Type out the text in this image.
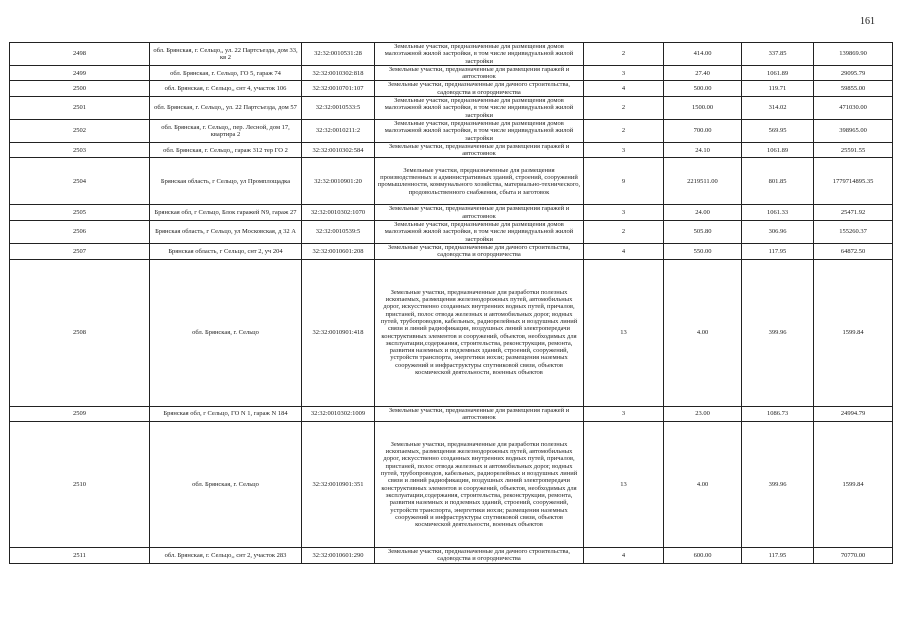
161
2498	обл. Брянская, г. Сельцо,, ул. 22 Партсъезда, дом 33, кв 2	32:32:0010531:28	Земельные участки, предназначенные для размещения домов малоэтажной жилой застройки, в том числе индивидуальной жилой застройки	2	414.00	337.85	139869.90
2499	обл. Брянская, г. Сельцо, ГО 5, гараж 74	32:32:0010302:818	Земельные участки, предназначенные для размещения гаражей и автостоянок	3	27.40	1061.89	29095.79
2500	обл. Брянская, г. Сельцо,, снт 4, участок 106	32:32:0010701:107	Земельные участки, предназначенные для дачного строительства, садоводства и огородничества	4	500.00	119.71	59855.00
2501	обл. Брянская, г. Сельцо,, ул. 22 Партсъезда, дом 57	32:32:0010533:5	Земельные участки, предназначенные для размещения домов малоэтажной жилой застройки, в том числе индивидуальной жилой застройки	2	1500.00	314.02	471030.00
2502	обл. Брянская, г. Сельцо,, пер. Лесной, дом 17, квартира 2	32:32:0010211:2	Земельные участки, предназначенные для размещения домов малоэтажной жилой застройки, в том числе индивидуальной жилой застройки	2	700.00	569.95	398965.00
2503	обл. Брянская, г. Сельцо,, гараж 312 тер ГО 2	32:32:0010302:584	Земельные участки, предназначенные для размещения гаражей и автостоянок	3	24.10	1061.89	25591.55
2504	Брянская область, г Сельцо, ул Промплощадка	32:32:0010901:20	Земельные участки, предназначенные для размещения производственных и административных зданий, строений, сооружений промышленности, коммунального хозяйства, материально-технического, продовольственного снабжения, сбыта и заготовок	9	2219511.00	801.85	1779714895.35
2505	Брянская обл, г Сельцо, Блок гаражей N9, гараж 27	32:32:0010302:1070	Земельные участки, предназначенные для размещения гаражей и автостоянок	3	24.00	1061.33	25471.92
2506	Брянская область, г Сельцо, ул Московская, д 32 А	32:32:0010539:5	Земельные участки, предназначенные для размещения домов малоэтажной жилой застройки, в том числе индивидуальной жилой застройки	2	505.80	306.96	155260.37
2507	Брянская область, г Сельцо, снт 2, уч 204	32:32:0010601:208	Земельные участки, предназначенные для дачного строительства, садоводства и огородничества	4	550.00	117.95	64872.50
2508	обл. Брянская, г. Сельцо	32:32:0010901:418	Земельные участки, предназначенные для разработки полезных ископаемых, размещения железнодорожных путей, автомобильных дорог, искусственно созданных внутренних водных путей, причалов, пристаней, полос отвода железных и автомобильных дорог, водных путей, трубопроводов, кабельных, радиорелейных и воздушных линий связи и линий радиофикации, воздушных линий электропередачи конструктивных элементов и сооружений, объектов, необходимых для эксплуатации,содержания, строительства, реконструкции, ремонта, развития наземных и подземных зданий, строений, сооружений, устройств транспорта, энергетики иохзи; размещения наземных сооружений и инфраструктуры спутниковой связи, объектов космической деятельности, военных объектов	13	4.00	399.96	1599.84
2509	Брянская обл, г Сельцо, ГО N 1, гараж N 184	32:32:0010302:1009	Земельные участки, предназначенные для размещения гаражей и автостоянок	3	23.00	1086.73	24994.79
2510	обл. Брянская, г. Сельцо	32:32:0010901:351	Земельные участки, предназначенные для разработки полезных ископаемых, размещения железнодорожных путей, автомобильных дорог, искусственно созданных внутренних водных путей, причалов, пристаней, полос отвода железных и автомобильных дорог, водных путей, трубопроводов, кабельных, радиорелейных и воздушных линий связи и линий радиофикации, воздушных линий электропередачи конструктивных элементов и сооружений, объектов, необходимых для эксплуатации,содержания, строительства, реконструкции, ремонта, развития наземных и подземных зданий, строений, сооружений, устройств транспорта, энергетики иохзи; размещения наземных сооружений и инфраструктуры спутниковой связи, объектов космической деятельности, военных объектов	13	4.00	399.96	1599.84
2511	обл. Брянская, г. Сельцо,, снт 2, участок 283	32:32:0010601:290	Земельные участки, предназначенные для дачного строительства, садоводства и огородничества	4	600.00	117.95	70770.00
